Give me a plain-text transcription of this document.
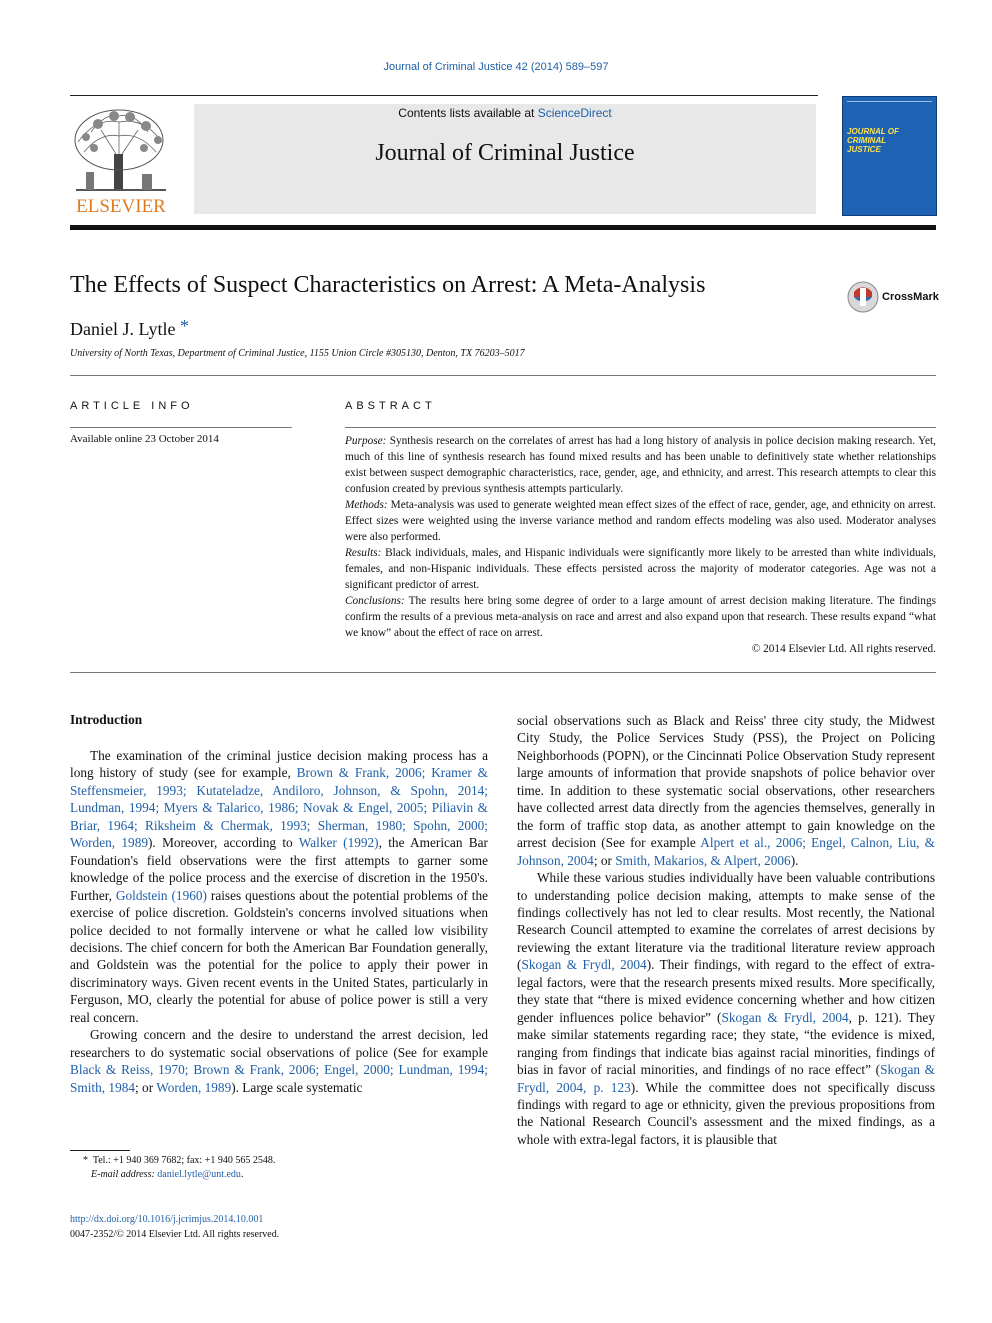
Journal of Criminal Justice 42 (2014) 589–597
ELSEVIER
Contents lists available at ScienceDirect
Journal of Criminal Justice
JOURNAL OF CRIMINAL JUSTICE
The Effects of Suspect Characteristics on Arrest: A Meta-Analysis	CrossMark
Daniel J. Lytle *
University of North Texas, Department of Criminal Justice, 1155 Union Circle #305130, Denton, TX 76203–5017
ARTICLE INFO
Available online 23 October 2014
ABSTRACT

Purpose: Synthesis research on the correlates of arrest has had a long history of analysis in police decision making research. Yet, much of this line of synthesis research has found mixed results and has been unable to definitively state whether relationships exist between suspect demographic characteristics, race, gender, age, and ethnicity, and arrest. This research attempts to clear this confusion created by previous synthesis attempts particularly.

Methods: Meta-analysis was used to generate weighted mean effect sizes of the effect of race, gender, age, and ethnicity on arrest. Effect sizes were weighted using the inverse variance method and random effects modeling was also used. Moderator analyses were also performed.

Results: Black individuals, males, and Hispanic individuals were significantly more likely to be arrested than white individuals, females, and non-Hispanic individuals. These effects persisted across the majority of moderator categories. Age was not a significant predictor of arrest.

Conclusions: The results here bring some degree of order to a large amount of arrest decision making literature. The findings confirm the results of a previous meta-analysis on race and arrest and also expand upon that research. These results expand “what we know” about the effect of race on arrest.

© 2014 Elsevier Ltd. All rights reserved.

Introduction

The examination of the criminal justice decision making process has a long history of study (see for example, Brown & Frank, 2006; Kramer & Steffensmeier, 1993; Kutateladze, Andiloro, Johnson, & Spohn, 2014; Lundman, 1994; Myers & Talarico, 1986; Novak & Engel, 2005; Piliavin & Briar, 1964; Riksheim & Chermak, 1993; Sherman, 1980; Spohn, 2000; Worden, 1989). Moreover, according to Walker (1992), the American Bar Foundation's field observations were the first attempts to garner some knowledge of the police process and the exercise of discretion in the 1950's. Further, Goldstein (1960) raises questions about the potential problems of the exercise of police discretion. Goldstein's concerns involved situations when police decided to not formally intervene or what he called low visibility decisions. The chief concern for both the American Bar Foundation generally, and Goldstein was the potential for the police to apply their power in discriminatory ways. Given recent events in the United States, particularly in Ferguson, MO, clearly the potential for abuse of police power is still a very real concern.

Growing concern and the desire to understand the arrest decision, led researchers to do systematic social observations of police (See for example Black & Reiss, 1970; Brown & Frank, 2006; Engel, 2000; Lundman, 1994; Smith, 1984; or Worden, 1989). Large scale systematic

social observations such as Black and Reiss' three city study, the Midwest City Study, the Police Services Study (PSS), the Project on Policing Neighborhoods (POPN), or the Cincinnati Police Observation Study represent large amounts of information that provide snapshots of police behavior over time. In addition to these systematic social observations, other researchers have collected arrest data directly from the agencies themselves, generally in the form of traffic stop data, as another attempt to gain knowledge on the arrest decision (See for example Alpert et al., 2006; Engel, Calnon, Liu, & Johnson, 2004; or Smith, Makarios, & Alpert, 2006).

While these various studies individually have been valuable contributions to understanding police decision making, attempts to make sense of the findings collectively has not led to clear results. Most recently, the National Research Council attempted to examine the correlates of arrest decisions by reviewing the extant literature via the traditional literature review approach (Skogan & Frydl, 2004). Their findings, with regard to the effect of extra-legal factors, were that the research presents mixed results. More specifically, they state that “there is mixed evidence concerning whether and how citizen gender influences police behavior” (Skogan & Frydl, 2004, p. 121). They make similar statements regarding race; they state, “the evidence is mixed, ranging from findings that indicate bias against racial minorities, findings of bias in favor of racial minorities, and findings of no race effect” (Skogan & Frydl, 2004, p. 123). While the committee does not specifically discuss findings with regard to age or ethnicity, given the previous propositions from the National Research Council's assessment and the mixed findings, as a whole with extra-legal factors, it is plausible that

* Tel.: +1 940 369 7682; fax: +1 940 565 2548.
E-mail address: daniel.lytle@unt.edu.
http://dx.doi.org/10.1016/j.jcrimjus.2014.10.001
0047-2352/© 2014 Elsevier Ltd. All rights reserved.
